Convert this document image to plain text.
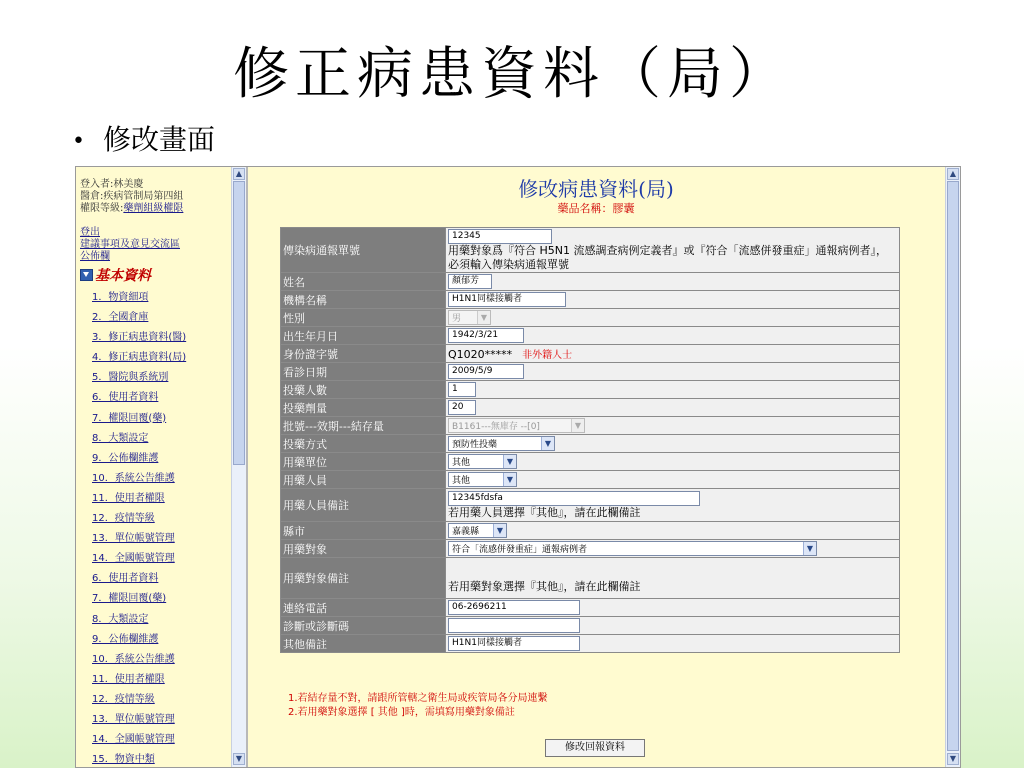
修正病患資料（局）
• 修改畫面
登入者:林美慶
醫倉:疾病管制局第四組
權限等級:藥劑組級權限
登出
建議事項及意見交流區
公佈欄
基本資料
1．物資細項
2．全國倉庫
3．修正病患資料(醫)
4．修正病患資料(局)
5．醫院與系統別
6．使用者資料
7．權限回覆(藥)
8．大類設定
9．公佈欄維護
10．系統公告維護
11．使用者權限
12．疫情等級
13．單位帳號管理
14．全國帳號管理
6．使用者資料
7．權限回覆(藥)
8．大類設定
9．公佈欄維護
10．系統公告維護
11．使用者權限
12．疫情等級
13．單位帳號管理
14．全國帳號管理
15．物資中類
▲
▼
修改病患資料(局)
藥品名稱：膠囊
傳染病通報單號	12345
用藥對象爲『符合 H5N1 流感調查病例定義者』或『符合「流感併發重症」通報病例者』，必須輸入傳染病通報單號

姓名	顏郁芳
機構名稱	H1N1同樣接觸者
性別	男 ▼

出生年月日	1942/3/21
身份證字號	Q1020***** 非外籍人士
看診日期	2009/5/9
投藥人數	1
投藥劑量	20
批號---效期---結存量	B1161---無庫存 --[0] ▼

投藥方式	預防性投藥 ▼

用藥單位	其他 ▼

用藥人員	其他 ▼

用藥人員備註	12345fdsfa
若用藥人員選擇『其他』，請在此欄備註

縣市	嘉義縣 ▼

用藥對象	符合「流感併發重症」通報病例者 ▼

用藥對象備註	若用藥對象選擇『其他』，請在此欄備註

連絡電話	06-2696211
診斷或診斷碼	
其他備註	H1N1同樣接觸者
1.若結存量不對，請跟所管轄之衛生局或疾管局各分局連繫
2.若用藥對象選擇 [ 其他 ]時，需填寫用藥對象備註
修改回報資料
▲
▼
